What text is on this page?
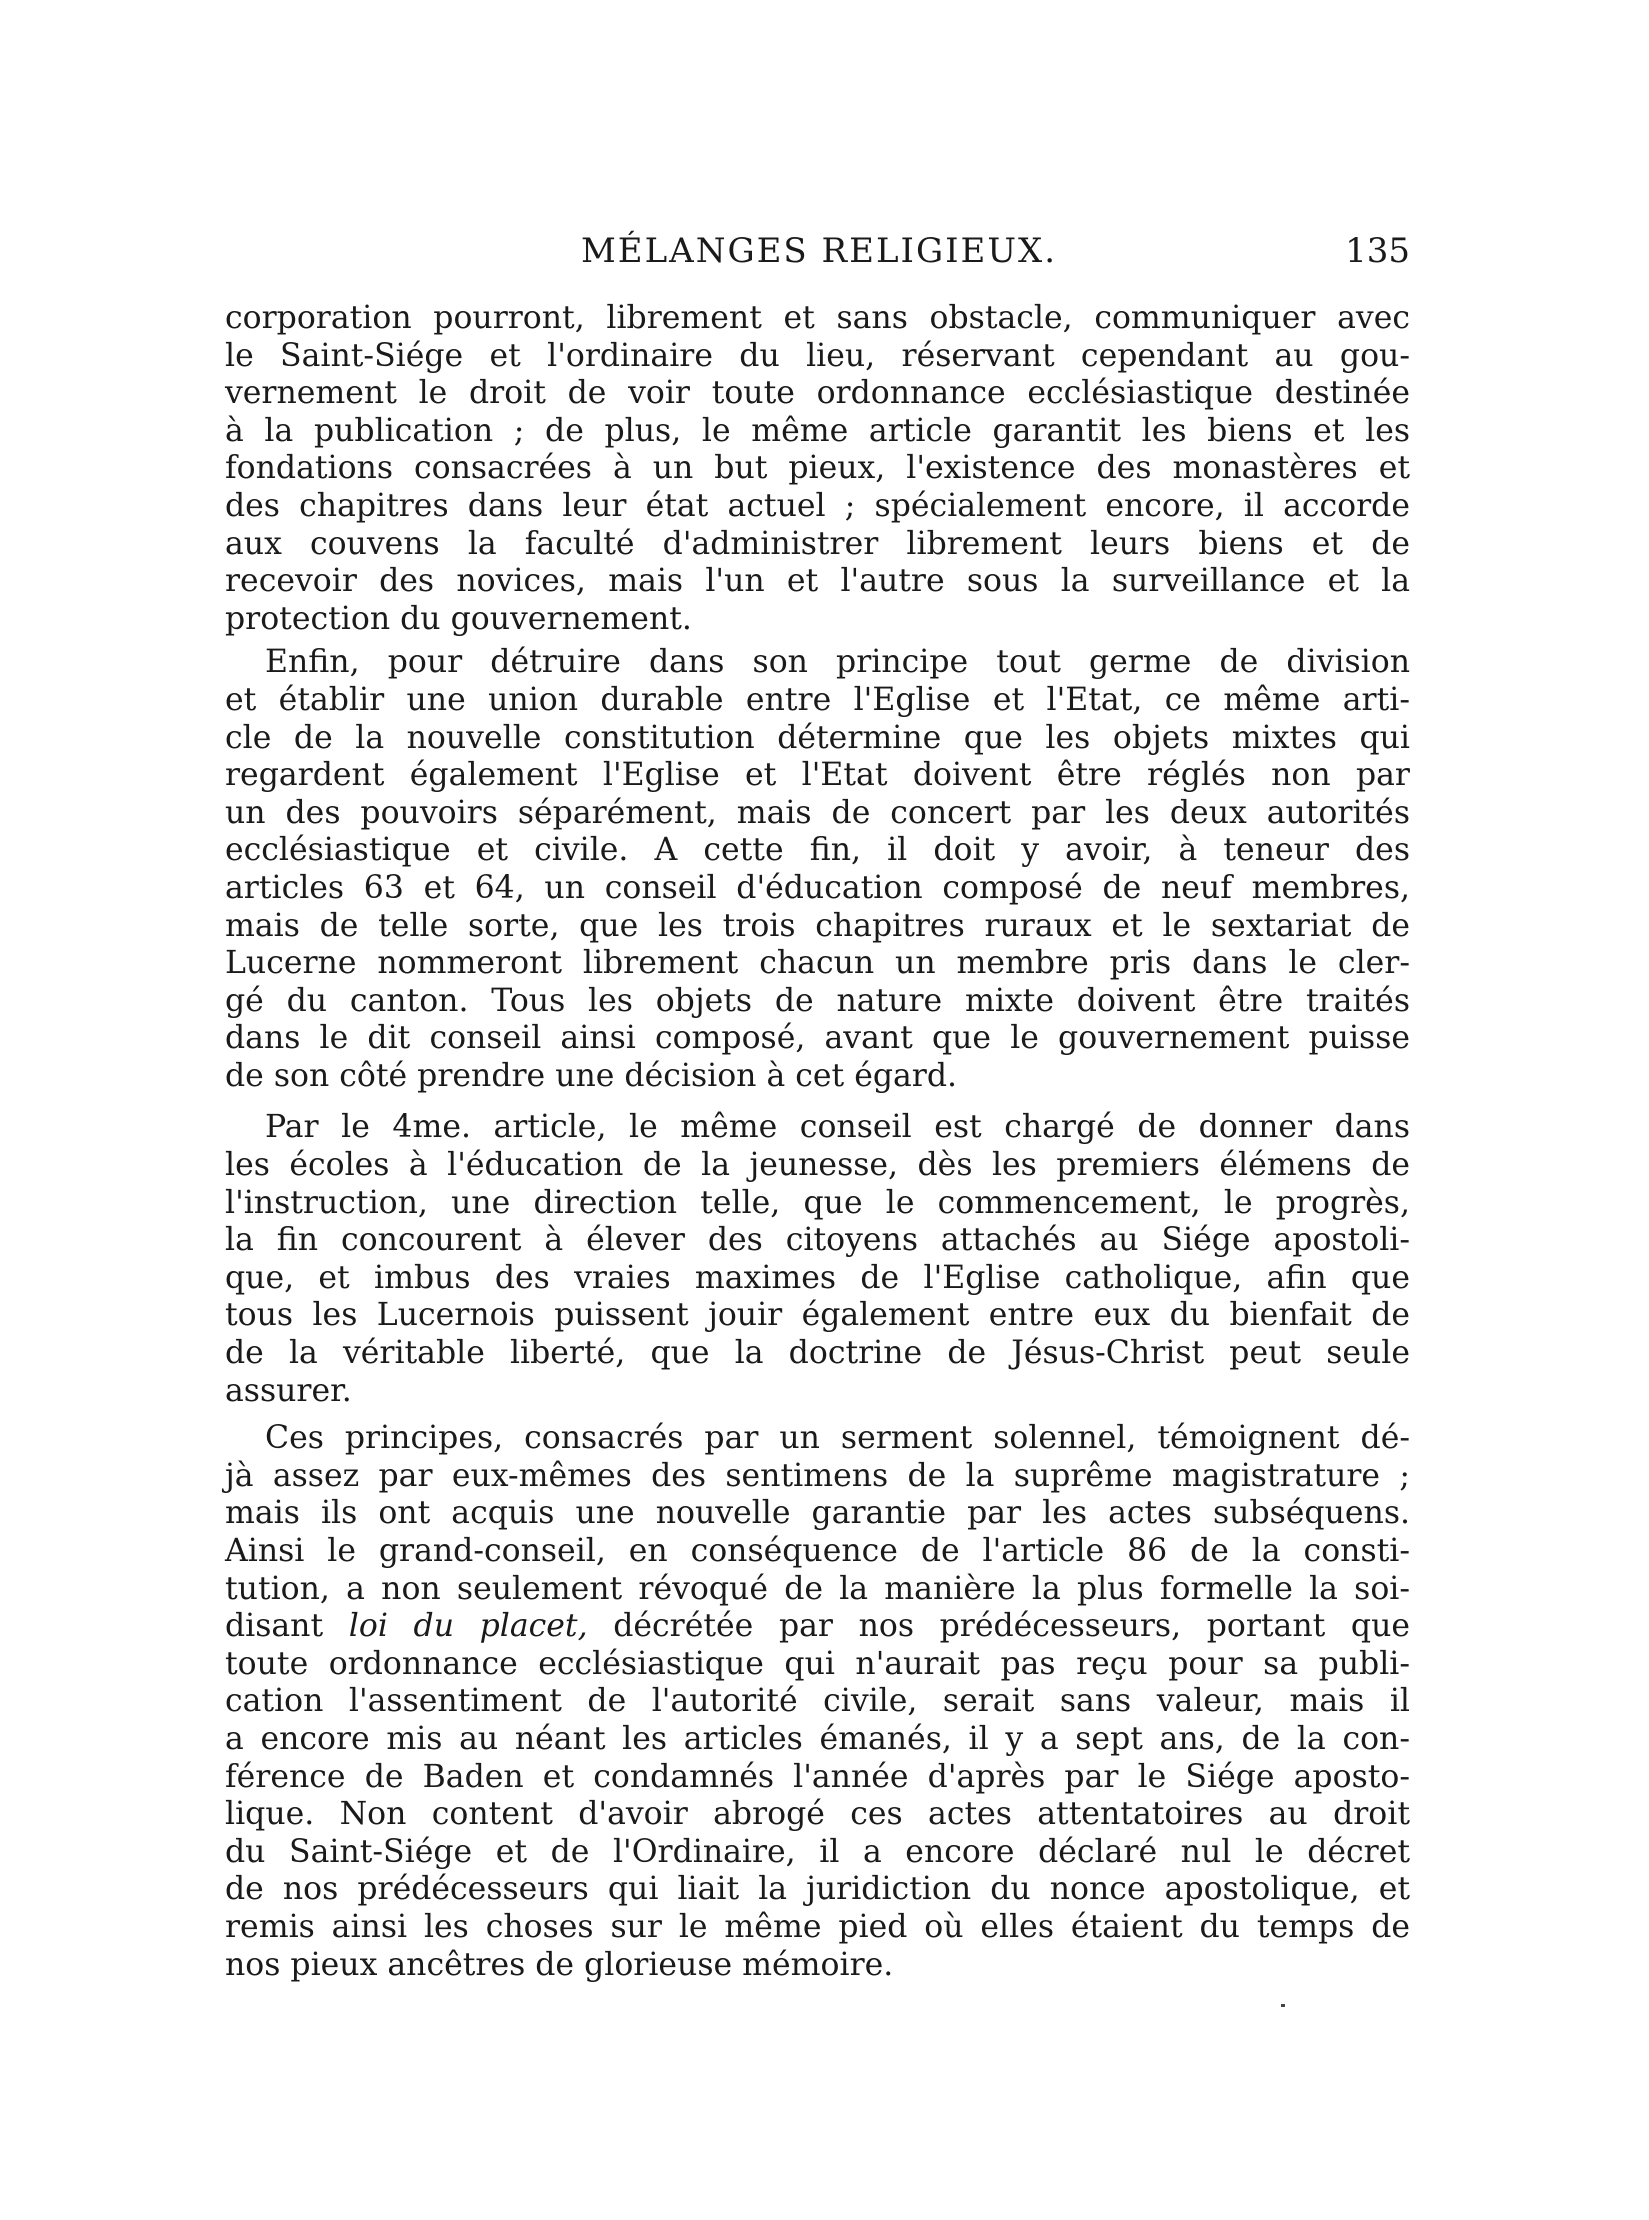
MÉLANGES RELIGIEUX.	135

corporation pourront, librement et sans obstacle, communiquer avec
le Saint-Siége et l'ordinaire du lieu, réservant cependant au gou-
vernement le droit de voir toute ordonnance ecclésiastique destinée
à la publication ; de plus, le même article garantit les biens et les
fondations consacrées à un but pieux, l'existence des monastères et
des chapitres dans leur état actuel ; spécialement encore, il accorde
aux couvens la faculté d'administrer librement leurs biens et de
recevoir des novices, mais l'un et l'autre sous la surveillance et la
protection du gouvernement.

Enfin, pour détruire dans son principe tout germe de division
et établir une union durable entre l'Eglise et l'Etat, ce même arti-
cle de la nouvelle constitution détermine que les objets mixtes qui
regardent également l'Eglise et l'Etat doivent être réglés non par
un des pouvoirs séparément, mais de concert par les deux autorités
ecclésiastique et civile. A cette fin, il doit y avoir, à teneur des
articles 63 et 64, un conseil d'éducation composé de neuf membres,
mais de telle sorte, que les trois chapitres ruraux et le sextariat de
Lucerne nommeront librement chacun un membre pris dans le cler-
gé du canton. Tous les objets de nature mixte doivent être traités
dans le dit conseil ainsi composé, avant que le gouvernement puisse
de son côté prendre une décision à cet égard.

Par le 4me. article, le même conseil est chargé de donner dans
les écoles à l'éducation de la jeunesse, dès les premiers élémens de
l'instruction, une direction telle, que le commencement, le progrès,
la fin concourent à élever des citoyens attachés au Siége apostoli-
que, et imbus des vraies maximes de l'Eglise catholique, afin que
tous les Lucernois puissent jouir également entre eux du bienfait de
de la véritable liberté, que la doctrine de Jésus-Christ peut seule
assurer.

Ces principes, consacrés par un serment solennel, témoignent dé-
jà assez par eux-mêmes des sentimens de la suprême magistrature ;
mais ils ont acquis une nouvelle garantie par les actes subséquens.
Ainsi le grand-conseil, en conséquence de l'article 86 de la consti-
tution, a non seulement révoqué de la manière la plus formelle la soi-
disant loi du placet, décrétée par nos prédécesseurs, portant que
toute ordonnance ecclésiastique qui n'aurait pas reçu pour sa publi-
cation l'assentiment de l'autorité civile, serait sans valeur, mais il
a encore mis au néant les articles émanés, il y a sept ans, de la con-
férence de Baden et condamnés l'année d'après par le Siége aposto-
lique. Non content d'avoir abrogé ces actes attentatoires au droit
du Saint-Siége et de l'Ordinaire, il a encore déclaré nul le décret
de nos prédécesseurs qui liait la juridiction du nonce apostolique, et
remis ainsi les choses sur le même pied où elles étaient du temps de
nos pieux ancêtres de glorieuse mémoire.
